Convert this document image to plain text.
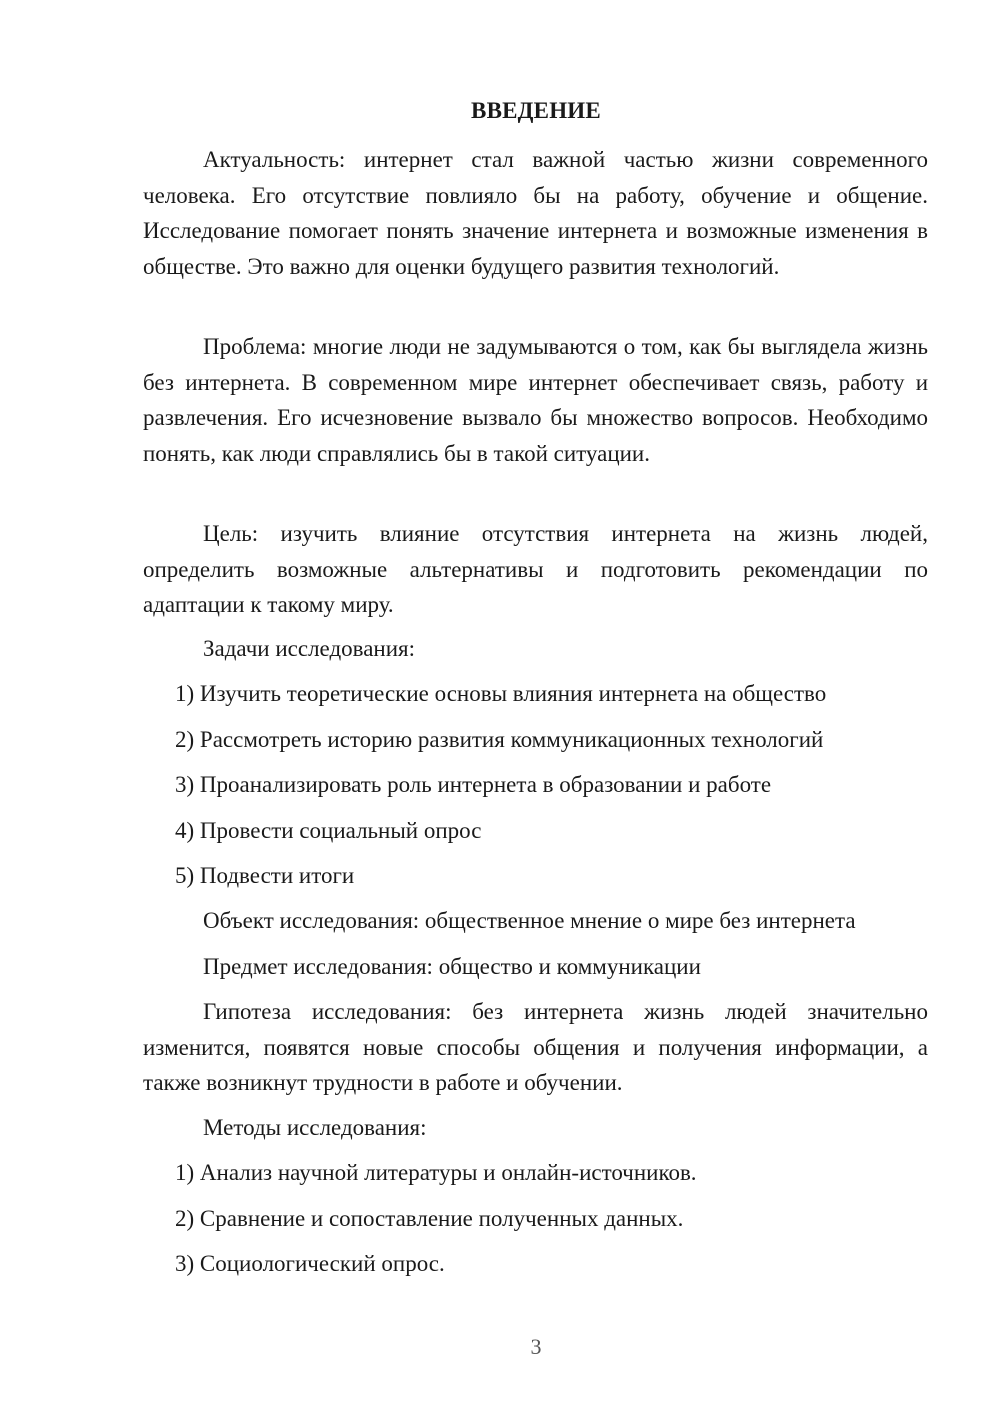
ВВЕДЕНИЕ
Актуальность: интернет стал важной частью жизни современного человека. Его отсутствие повлияло бы на работу, обучение и общение. Исследование помогает понять значение интернета и возможные изменения в обществе. Это важно для оценки будущего развития технологий.
Проблема: многие люди не задумываются о том, как бы выглядела жизнь без интернета. В современном мире интернет обеспечивает связь, работу и развлечения. Его исчезновение вызвало бы множество вопросов. Необходимо понять, как люди справлялись бы в такой ситуации.
Цель: изучить влияние отсутствия интернета на жизнь людей, определить возможные альтернативы и подготовить рекомендации по адаптации к такому миру.
Задачи исследования:
1) Изучить теоретические основы влияния интернета на общество
2) Рассмотреть историю развития коммуникационных технологий
3) Проанализировать роль интернета в образовании и работе
4) Провести социальный опрос
5) Подвести итоги
Объект исследования: общественное мнение о мире без интернета
Предмет исследования: общество и коммуникации
Гипотеза исследования: без интернета жизнь людей значительно изменится, появятся новые способы общения и получения информации, а также возникнут трудности в работе и обучении.
Методы исследования:
1) Анализ научной литературы и онлайн-источников.
2) Сравнение и сопоставление полученных данных.
3) Социологический опрос.
3
